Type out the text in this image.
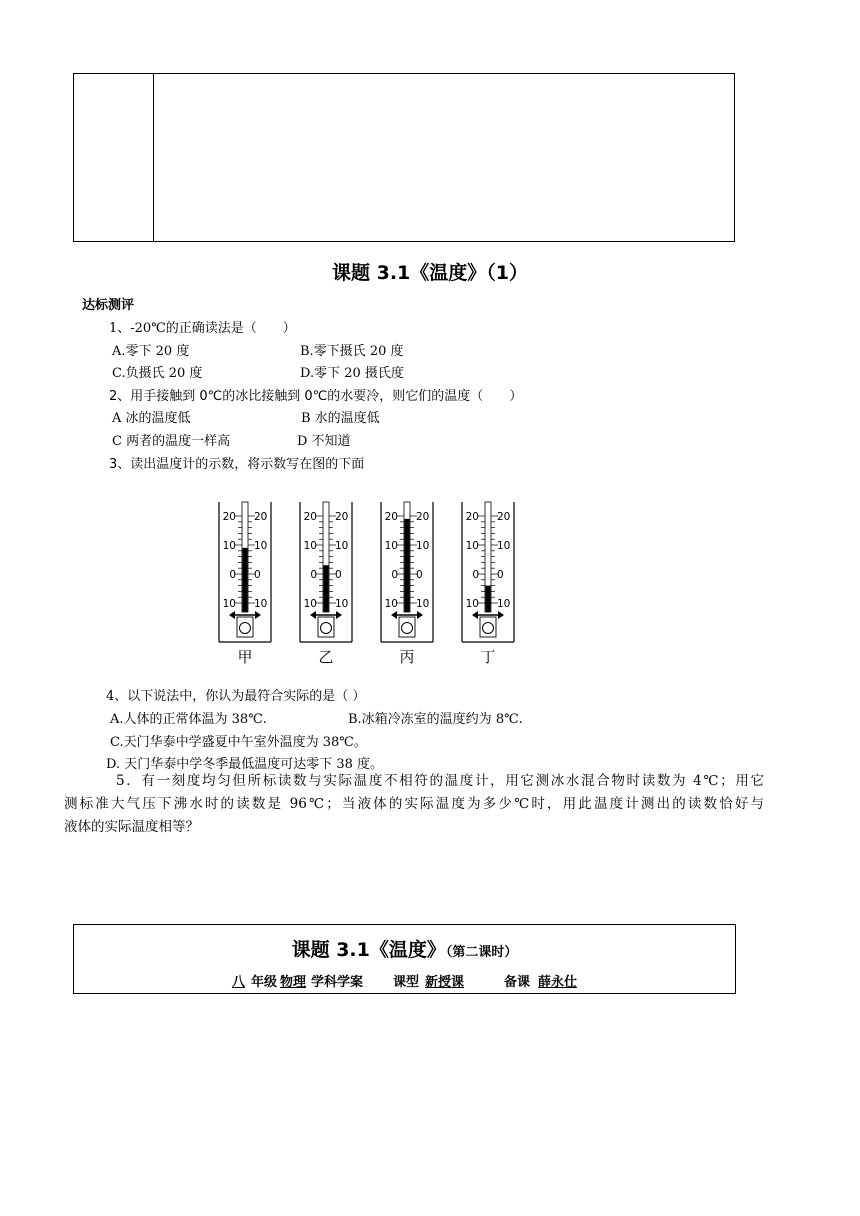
课题 3.1《温度》（1）
达标测评
1、-20℃的正确读法是（　　）
A.零下 20 度	B.零下摄氏 20 度
C.负摄氏 20 度	D.零下 20 摄氏度
2、用手接触到 0℃的冰比接触到 0℃的水要冷，则它们的温度（　　）
A 冰的温度低	B 水的温度低
C 两者的温度一样高	D 不知道
3、读出温度计的示数，将示数写在图的下面
20 20
10 10
0 0
10 10
甲
20 20
10 10
0 0
10 10
乙
20 20
10 10
0 0
10 10
丙
20 20
10 10
0 0
10 10
丁
4、以下说法中，你认为最符合实际的是（ ）
A.人体的正常体温为 38℃.	B.冰箱冷冻室的温度约为 8℃.
C.天门华泰中学盛夏中午室外温度为 38℃。
D. 天门华泰中学冬季最低温度可达零下 38 度。

5．有一刻度均匀但所标读数与实际温度不相符的温度计，用它测冰水混合物时读数为 4℃；用它

测标准大气压下沸水时的读数是 96℃；当液体的实际温度为多少℃时，用此温度计测出的读数恰好与

液体的实际温度相等？

课题 3.1《温度》（第二课时）
八 年级 物理 学科学案 课型 新授课	备课 薛永仕
